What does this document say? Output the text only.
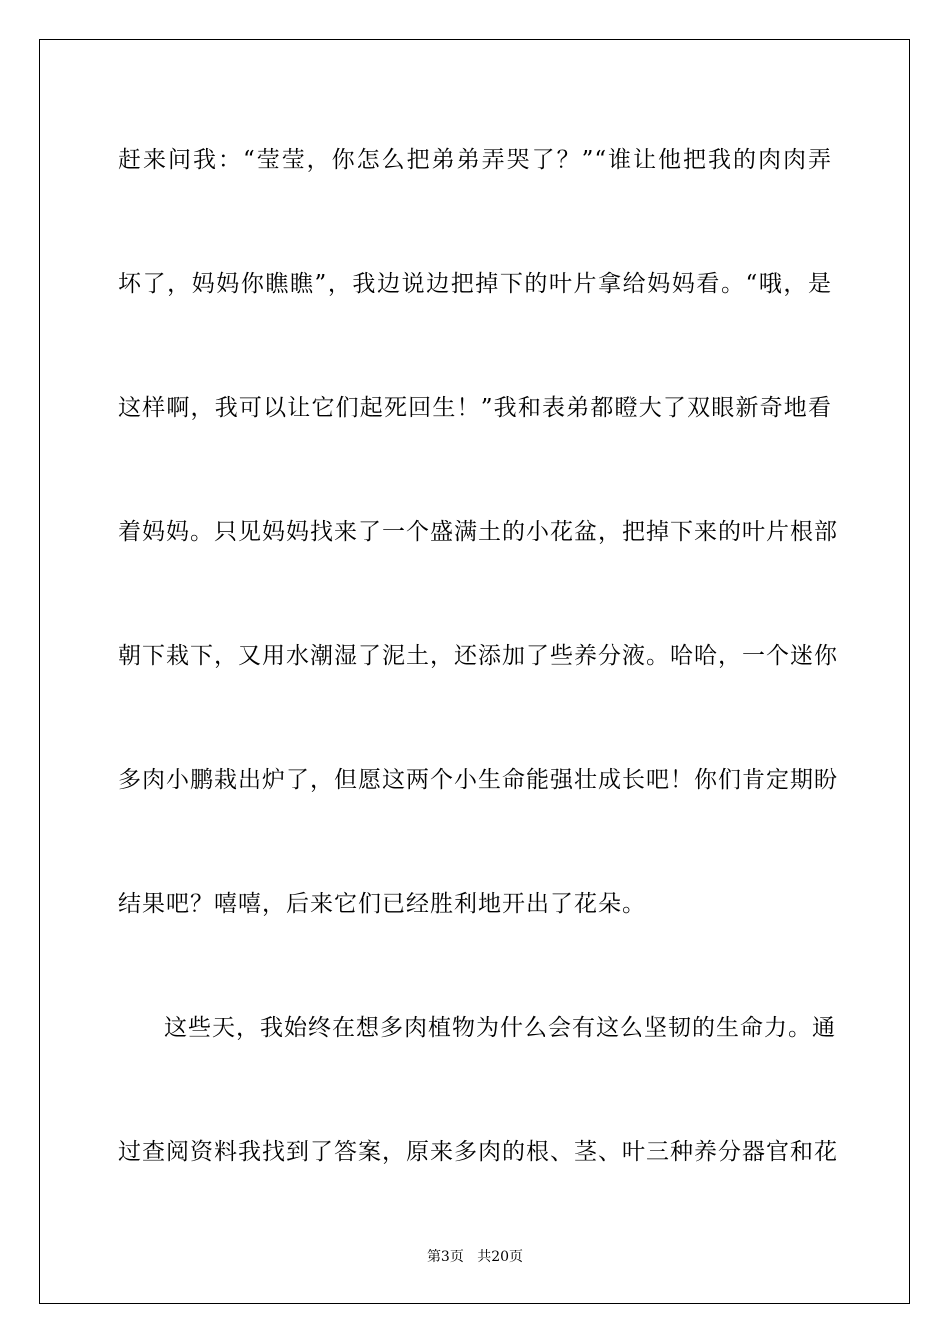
赶来问我：“莹莹，你怎么把弟弟弄哭了？”“谁让他把我的肉肉弄
坏了，妈妈你瞧瞧”，我边说边把掉下的叶片拿给妈妈看。“哦，是
这样啊，我可以让它们起死回生！”我和表弟都瞪大了双眼新奇地看
着妈妈。只见妈妈找来了一个盛满土的小花盆，把掉下来的叶片根部
朝下栽下，又用水潮湿了泥土，还添加了些养分液。哈哈，一个迷你
多肉小鹏栽出炉了，但愿这两个小生命能强壮成长吧！你们肯定期盼
结果吧？嘻嘻，后来它们已经胜利地开出了花朵。
这些天，我始终在想多肉植物为什么会有这么坚韧的生命力。通
过查阅资料我找到了答案，原来多肉的根、茎、叶三种养分器官和花
第3页 共20页
